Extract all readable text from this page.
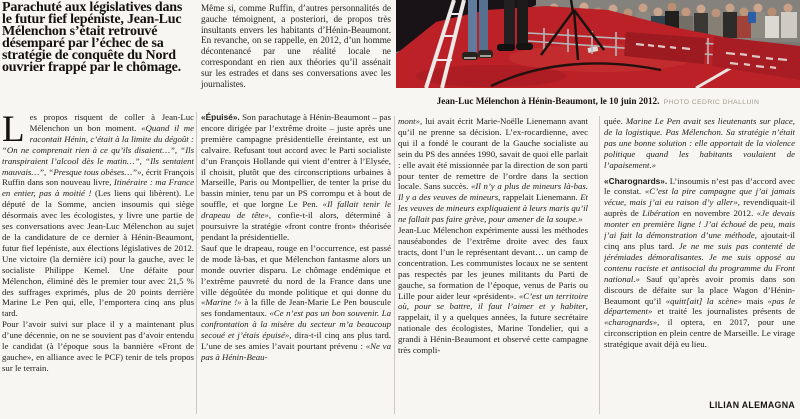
Parachuté aux législatives dans le futur fief lepéniste, Jean-Luc Mélenchon s’était retrouvé désemparé par l’échec de sa stratégie de conquête du Nord ouvrier frappé par le chômage.
Même si, comme Ruffin, d’autres personnalités de gauche témoignent, a posteriori, de propos très insultants envers les habitants d’Hénin-Beaumont. En revanche, on se rappelle, en 2012, d’un homme décontenancé par une réalité locale ne correspondant en rien aux théories qu’il assénait sur les estrades et dans ses conversations avec les journalistes.
Jean-Luc Mélenchon à Hénin-Beaumont, le 10 juin 2012. PHOTO CEDRIC DHALLUIN

Les propos risquent de coller à Jean-Luc Mélenchon un bon moment. «Quand il me racontait Hénin, c’était à la limite du dégoût : “On ne comprenait rien à ce qu’ils disaient…”, “Ils transpiraient l’alcool dès le matin…”, “Ils sentaient mauvais…”, “Presque tous obèses…”», écrit François Ruffin dans son nouveau livre, Itinéraire : ma France en entier, pas à moitié ! (Les liens qui libèrent). Le député de la Somme, ancien insoumis qui siège désormais avec les écologistes, y livre une partie de ses conversations avec Jean-Luc Mélenchon au sujet de la candidature de ce dernier à Hénin-Beaumont, futur fief lepéniste, aux élections législatives de 2012. Une victoire (la dernière ici) pour la gauche, avec le socialiste Philippe Kemel. Une défaite pour Mélenchon, éliminé dès le premier tour avec 21,5 % des suffrages exprimés, plus de 20 points derrière Marine Le Pen qui, elle, l’emportera cinq ans plus tard.

Pour l’avoir suivi sur place il y a maintenant plus d’une décennie, on ne se souvient pas d’avoir entendu le candidat (à l’époque sous la bannière «Front de gauche», en alliance avec le PCF) tenir de tels propos sur le terrain.

«Épuisé». Son parachutage à Hénin-Beaumont – pas encore dirigée par l’extrême droite – juste après une première campagne présidentielle éreintante, est un calvaire. Refusant tout accord avec le Parti socialiste d’un François Hollande qui vient d’entrer à l’Elysée, il choisit, plutôt que des circonscriptions urbaines à Marseille, Paris ou Montpellier, de tenter la prise du bassin minier, tenu par un PS corrompu et à bout de souffle, et que lorgne Le Pen. «Il fallait tenir le drapeau de tête», confie-t-il alors, déterminé à poursuivre la stratégie «front contre front» théorisée pendant la présidentielle.

Sauf que le drapeau, rouge en l’occurrence, est passé de mode là-bas, et que Mélenchon fantasme alors un monde ouvrier disparu. Le chômage endémique et l’extrême pauvreté du nord de la France dans une ville dégoûtée du monde politique et qui donne du «Marine !» à la fille de Jean-Marie Le Pen bouscule ses fondamentaux. «Ce n’est pas un bon souvenir. La confrontation à la misère du secteur m’a beaucoup secoué et j’étais épuisé», dira-t-il cinq ans plus tard. L’une de ses amies l’avait pourtant prévenu : «Ne va pas à Hénin-Beau-

mont», lui avait écrit Marie-Noëlle Lienemann avant qu’il ne prenne sa décision. L’ex-rocardienne, avec qui il a fondé le courant de la Gauche socialiste au sein du PS des années 1990, savait de quoi elle parlait : elle avait été missionnée par la direction de son parti pour tenter de remettre de l’ordre dans la section locale. Sans succès. «Il n’y a plus de mineurs là-bas. Il y a des veuves de mineurs, rappelait Lienemann. Et les veuves de mineurs expliquaient à leurs maris qu’il ne fallait pas faire grève, pour amener de la soupe.»

Jean-Luc Mélenchon expérimente aussi les méthodes nauséabondes de l’extrême droite avec des faux tracts, dont l’un le représentant devant… un camp de concentration. Les communistes locaux ne se sentent pas respectés par les jeunes militants du Parti de gauche, sa formation de l’époque, venus de Paris ou Lille pour aider leur «président». «C’est un territoire où, pour se battre, il faut l’aimer et y habiter, rappelait, il y a quelques années, la future secrétaire nationale des écologistes, Marine Tondelier, qui a grandi à Hénin-Beaumont et observé cette campagne très compli-

quée. Marine Le Pen avait ses lieutenants sur place, de la logistique. Pas Mélenchon. Sa stratégie n’était pas une bonne solution : elle apportait de la violence politique quand les habitants voulaient de l’apaisement.»

«Charognards». L’insoumis n’est pas d’accord avec le constat. «C’est la pire campagne que j’ai jamais vécue, mais j’ai eu raison d’y aller», revendiquait-il auprès de Libération en novembre 2012. «Je devais monter en première ligne ! J’ai échoué de peu, mais j’ai fait la démonstration d’une méthode, ajoutait-il cinq ans plus tard. Je ne me suis pas contenté de jérémiades démoralisantes. Je me suis opposé au contenu raciste et antisocial du programme du Front national.» Sauf qu’après avoir promis dans son discours de défaite sur la place Wagon d’Hénin-Beaumont qu’il «quitt[ait] la scène» mais «pas le département» et traité les journalistes présents de «charognards», il optera, en 2017, pour une circonscription en plein centre de Marseille. Le virage stratégique avait déjà eu lieu.

LILIAN ALEMAGNA
